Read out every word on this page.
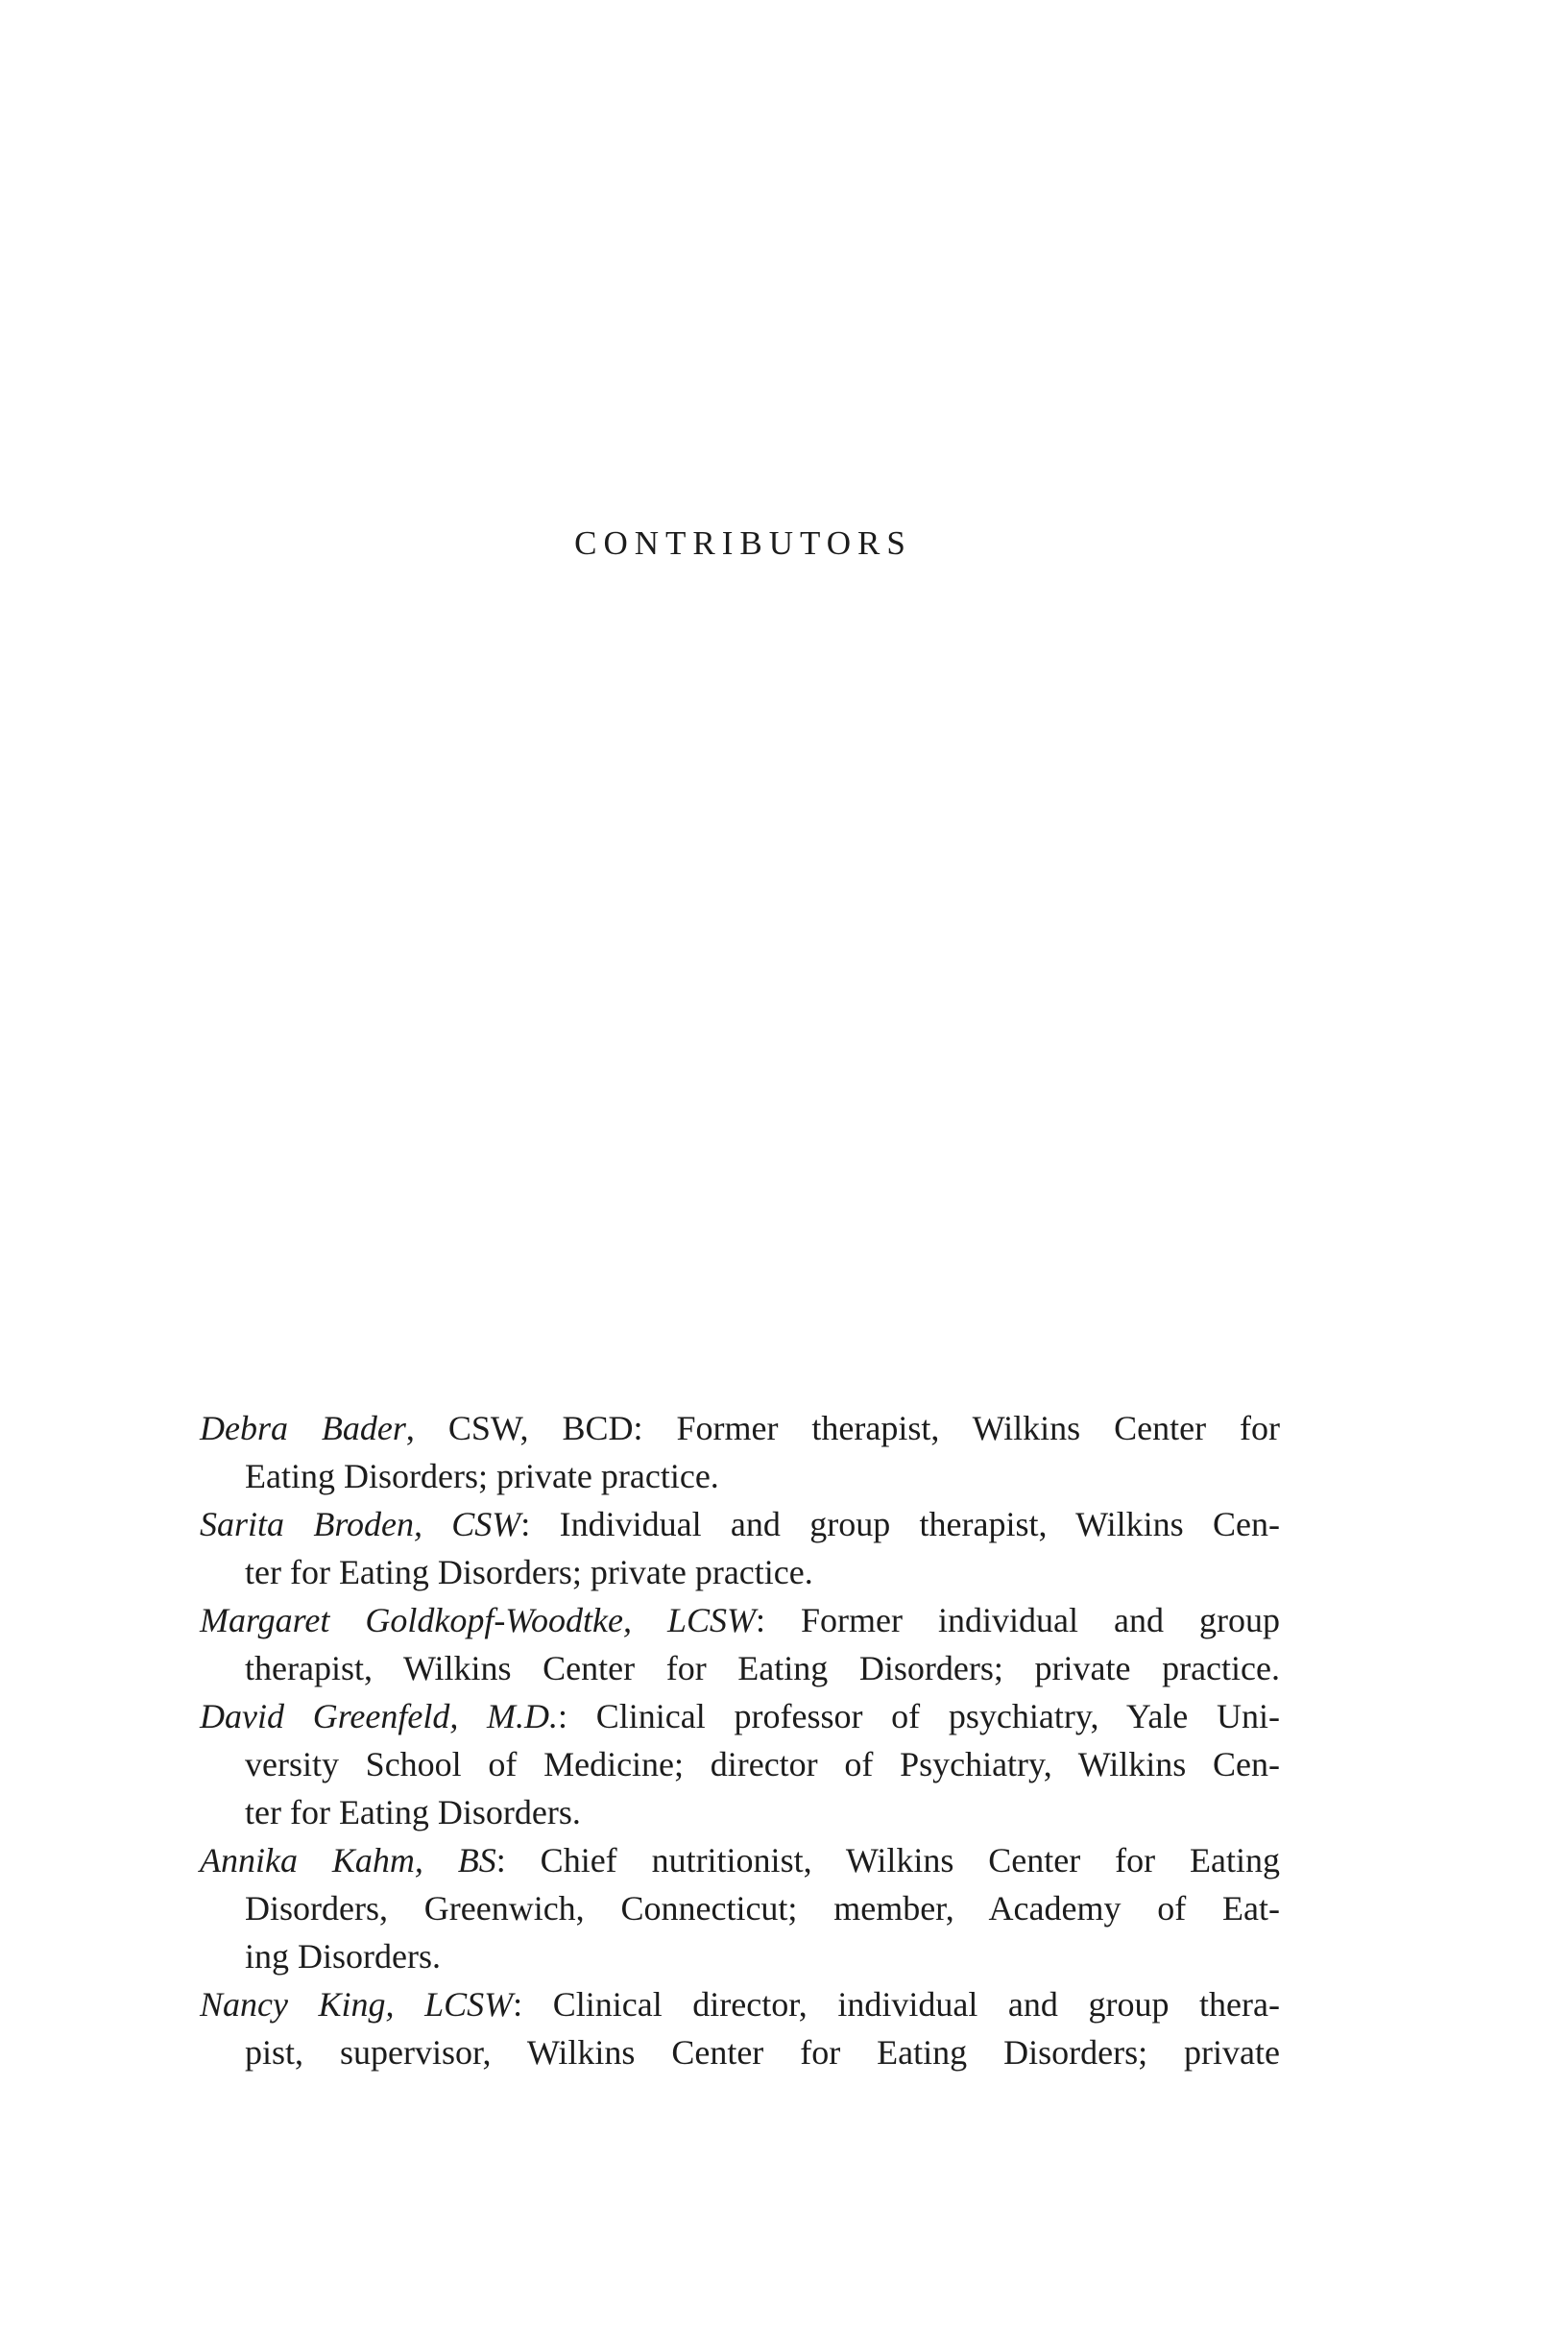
CONTRIBUTORS
Debra Bader, CSW, BCD: Former therapist, Wilkins Center for
Eating Disorders; private practice.
Sarita Broden, CSW: Individual and group therapist, Wilkins Cen-
ter for Eating Disorders; private practice.
Margaret Goldkopf-Woodtke, LCSW: Former individual and group
therapist, Wilkins Center for Eating Disorders; private practice.
David Greenfeld, M.D.: Clinical professor of psychiatry, Yale Uni-
versity School of Medicine; director of Psychiatry, Wilkins Cen-
ter for Eating Disorders.
Annika Kahm, BS: Chief nutritionist, Wilkins Center for Eating
Disorders, Greenwich, Connecticut; member, Academy of Eat-
ing Disorders.
Nancy King, LCSW: Clinical director, individual and group thera-
pist, supervisor, Wilkins Center for Eating Disorders; private
